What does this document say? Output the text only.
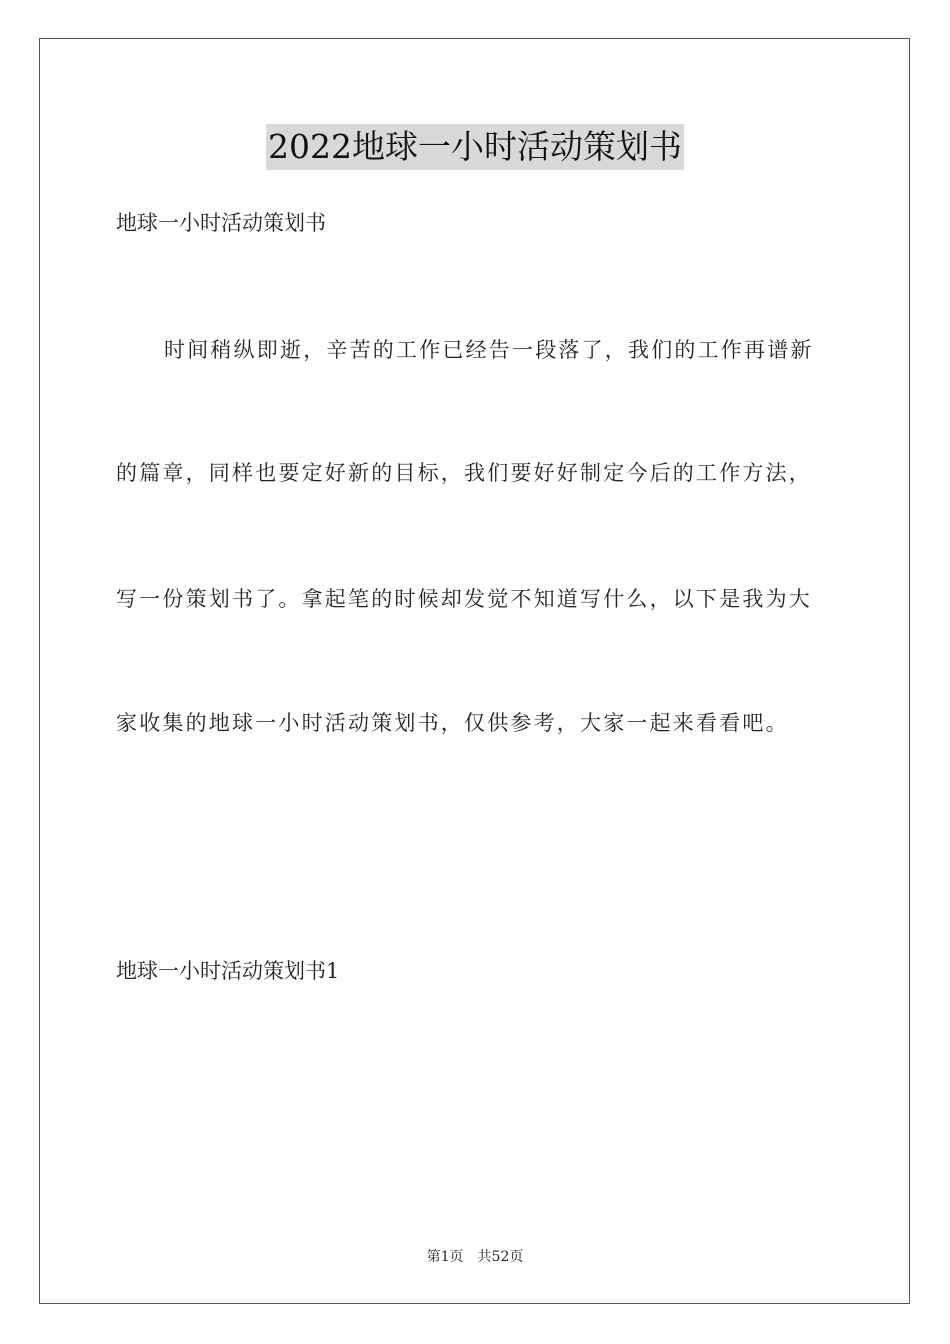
2022地球一小时活动策划书

地球一小时活动策划书

时间稍纵即逝，辛苦的工作已经告一段落了，我们的工作再谱新

的篇章，同样也要定好新的目标，我们要好好制定今后的工作方法，

写一份策划书了。拿起笔的时候却发觉不知道写什么，以下是我为大

家收集的地球一小时活动策划书，仅供参考，大家一起来看看吧。

地球一小时活动策划书1

第1页 共52页
